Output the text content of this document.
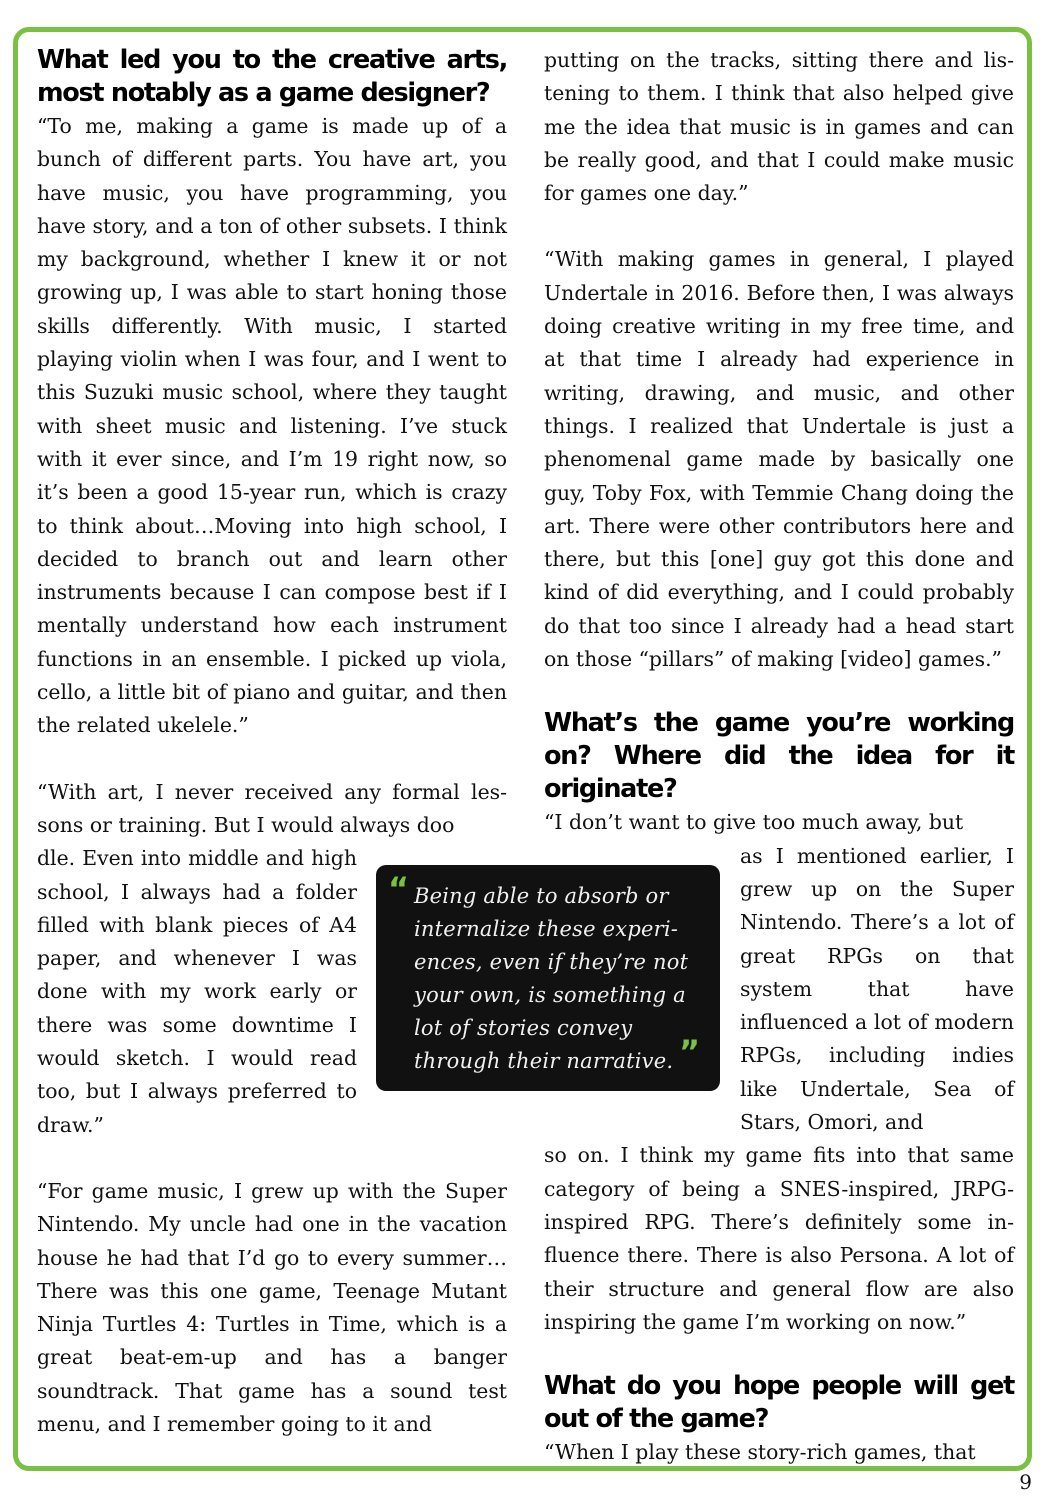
What led you to the creative arts, most notably as a game designer?

“To me, making a game is made up of a bunch of different parts. You have art, you have music, you have programming, you have story, and a ton of other subsets. I think my background, whether I knew it or not growing up, I was able to start honing those skills differently. With music, I started playing violin when I was four, and I went to this Suzuki music school, where they taught with sheet music and listening. I’ve stuck with it ever since, and I’m 19 right now, so it’s been a good 15-year run, which is crazy to think about…Moving into high school, I decided to branch out and learn other instruments because I can compose best if I mentally understand how each instrument functions in an ensemble. I picked up viola, cello, a little bit of piano and guitar, and then the related ukelele.”

“With art, I never received any formal lessons or training. But I would always doo

dle. Even into middle and high school, I always had a folder filled with blank pieces of A4 paper, and whenever I was done with my work early or there was some downtime I would sketch. I would read too, but I always preferred to draw.”

“For game music, I grew up with the Super Nintendo. My uncle had one in the vacation house he had that I’d go to every summer…There was this one game, Teenage Mutant Ninja Turtles 4: Turtles in Time, which is a great beat-em-up and has a banger soundtrack. That game has a sound test menu, and I remember going to it and

putting on the tracks, sitting there and listening to them. I think that also helped give me the idea that music is in games and can be really good, and that I could make music for games one day.”

“With making games in general, I played Undertale in 2016. Before then, I was always doing creative writing in my free time, and at that time I already had experience in writing, drawing, and music, and other things. I realized that Undertale is just a phenomenal game made by basically one guy, Toby Fox, with Temmie Chang doing the art. There were other contributors here and there, but this [one] guy got this done and kind of did everything, and I could probably do that too since I already had a head start on those “pillars” of making [video] games.”

What’s the game you’re working on? Where did the idea for it originate?

“I don’t want to give too much away, but

as I mentioned earlier, I grew up on the Super Nintendo. There’s a lot of great RPGs on that system that have influenced a lot of modern RPGs, including indies like Undertale, Sea of Stars, Omori, and

so on. I think my game fits into that same category of being a SNES-inspired, JRPG-inspired RPG. There’s definitely some influence there. There is also Persona. A lot of their structure and general flow are also inspiring the game I’m working on now.”

What do you hope people will get out of the game?

“When I play these story-rich games, that

“ Being able to absorb or internalize these experiences, even if they’re not your own, is something a lot of stories convey through their narrative. ”
9
